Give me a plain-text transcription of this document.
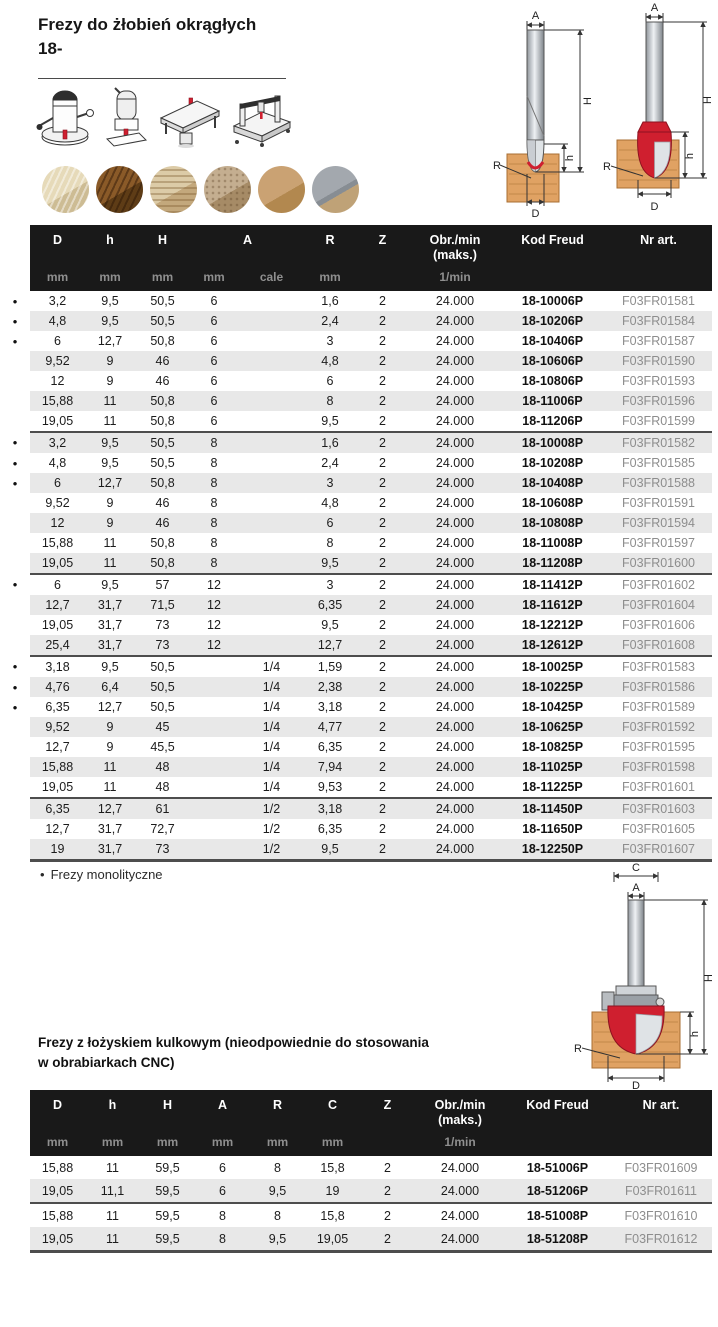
Frezy do żłobień okrągłych
18-
A
H
h
R
D
A
H
h
R
D
	D	h	H	A		R	Z	Obr./min
(maks.)	Kod Freud	Nr art.
	mm	mm	mm	mm	cale	mm		1/min		
•	3,2	9,5	50,5	6		1,6	2	24.000	18-10006P	F03FR01581
•	4,8	9,5	50,5	6		2,4	2	24.000	18-10206P	F03FR01584
•	6	12,7	50,8	6		3	2	24.000	18-10406P	F03FR01587
	9,52	9	46	6		4,8	2	24.000	18-10606P	F03FR01590
	12	9	46	6		6	2	24.000	18-10806P	F03FR01593
	15,88	11	50,8	6		8	2	24.000	18-11006P	F03FR01596
	19,05	11	50,8	6		9,5	2	24.000	18-11206P	F03FR01599
•	3,2	9,5	50,5	8		1,6	2	24.000	18-10008P	F03FR01582
•	4,8	9,5	50,5	8		2,4	2	24.000	18-10208P	F03FR01585
•	6	12,7	50,8	8		3	2	24.000	18-10408P	F03FR01588
	9,52	9	46	8		4,8	2	24.000	18-10608P	F03FR01591
	12	9	46	8		6	2	24.000	18-10808P	F03FR01594
	15,88	11	50,8	8		8	2	24.000	18-11008P	F03FR01597
	19,05	11	50,8	8		9,5	2	24.000	18-11208P	F03FR01600
•	6	9,5	57	12		3	2	24.000	18-11412P	F03FR01602
	12,7	31,7	71,5	12		6,35	2	24.000	18-11612P	F03FR01604
	19,05	31,7	73	12		9,5	2	24.000	18-12212P	F03FR01606
	25,4	31,7	73	12		12,7	2	24.000	18-12612P	F03FR01608
•	3,18	9,5	50,5		1/4	1,59	2	24.000	18-10025P	F03FR01583
•	4,76	6,4	50,5		1/4	2,38	2	24.000	18-10225P	F03FR01586
•	6,35	12,7	50,5		1/4	3,18	2	24.000	18-10425P	F03FR01589
	9,52	9	45		1/4	4,77	2	24.000	18-10625P	F03FR01592
	12,7	9	45,5		1/4	6,35	2	24.000	18-10825P	F03FR01595
	15,88	11	48		1/4	7,94	2	24.000	18-11025P	F03FR01598
	19,05	11	48		1/4	9,53	2	24.000	18-11225P	F03FR01601
	6,35	12,7	61		1/2	3,18	2	24.000	18-11450P	F03FR01603
	12,7	31,7	72,7		1/2	6,35	2	24.000	18-11650P	F03FR01605
	19	31,7	73		1/2	9,5	2	24.000	18-12250P	F03FR01607
• Frezy monolityczne	C
A
H
h
R
D
Frezy z łożyskiem kulkowym (nieodpowiednie do stosowania
w obrabiarkach CNC)
	D	h	H	A	R	C	Z	Obr./min
(maks.)	Kod Freud	Nr art.
	mm	mm	mm	mm	mm	mm		1/min		
	15,88	11	59,5	6	8	15,8	2	24.000	18-51006P	F03FR01609
	19,05	11,1	59,5	6	9,5	19	2	24.000	18-51206P	F03FR01611
	15,88	11	59,5	8	8	15,8	2	24.000	18-51008P	F03FR01610
	19,05	11	59,5	8	9,5	19,05	2	24.000	18-51208P	F03FR01612
